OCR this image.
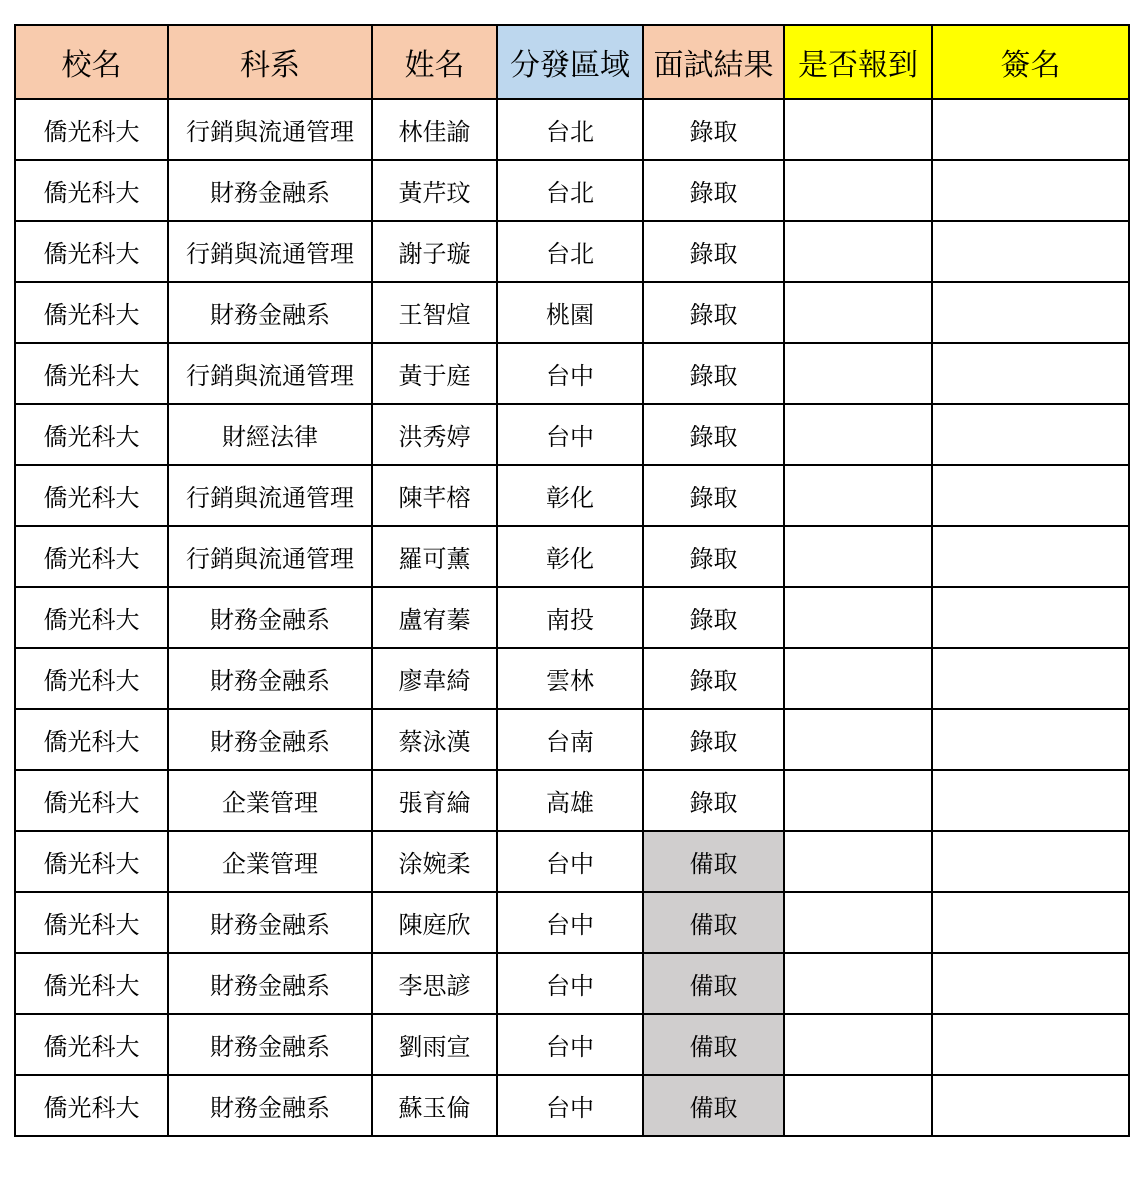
校名	科系	姓名	分發區域	面試結果	是否報到	簽名
僑光科大	行銷與流通管理	林佳諭	台北	錄取		
僑光科大	財務金融系	黃芹玟	台北	錄取		
僑光科大	行銷與流通管理	謝子璇	台北	錄取		
僑光科大	財務金融系	王智煊	桃園	錄取		
僑光科大	行銷與流通管理	黃于庭	台中	錄取		
僑光科大	財經法律	洪秀婷	台中	錄取		
僑光科大	行銷與流通管理	陳芊榕	彰化	錄取		
僑光科大	行銷與流通管理	羅可薰	彰化	錄取		
僑光科大	財務金融系	盧宥蓁	南投	錄取		
僑光科大	財務金融系	廖韋綺	雲林	錄取		
僑光科大	財務金融系	蔡泳漢	台南	錄取		
僑光科大	企業管理	張育綸	高雄	錄取		
僑光科大	企業管理	涂婉柔	台中	備取		
僑光科大	財務金融系	陳庭欣	台中	備取		
僑光科大	財務金融系	李思諺	台中	備取		
僑光科大	財務金融系	劉雨宣	台中	備取		
僑光科大	財務金融系	蘇玉倫	台中	備取		
